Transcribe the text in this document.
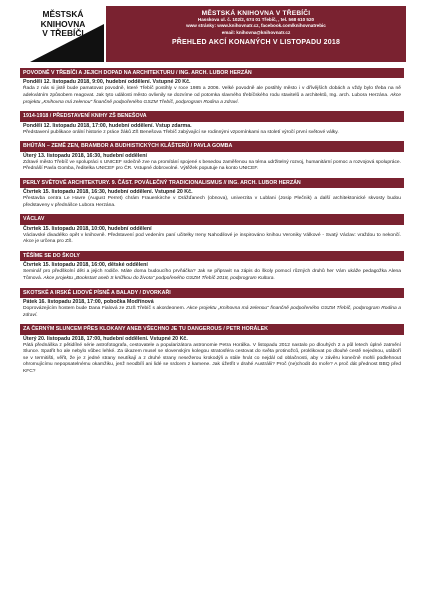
MĚSTSKÁ
KNIHOVNA
V TŘEBÍČI
MĚSTSKÁ KNIHOVNA V TŘEBÍČI
Hasskova ul. č. 102/2, 674 01 Třebíč, , tel. 568 610 520
www stránky: www.knihovnatr.cz, facebook.com/knihovnatrebic
email: knihovna@knihovnatr.cz
PŘEHLED AKCÍ KONANÝCH V LISTOPADU 2018
POVODNĚ V TŘEBÍČI A JEJICH DOPAD NA ARCHITEKTURU / ING. ARCH. LUBOR HERZÁN
Pondělí 12. listopadu 2018, 9:00, hudební oddělení. Vstupné 20 Kč.
Řada z nás si jistě bude pamatovat povodně, které Třebíč postihly v roce 1985 a 2006. Velké povodně ale postihly město i v dřívějších dobách a vždy bylo třeba na ně adekvátním způsobem reagovat. Jak tyto události město ovlivnily se dozvíme od potomka slavného třebíčského rodu stavitelů a architektů, Ing. arch. Lubora Herzána. Akce projektu „Knihovna má zelenou" finančně podpořeného GSZM Třebíč, podprogram Rodina a zdraví.
1914-1918 / PŘEDSTAVENÍ KNIHY ZŠ BENEŠOVA
Pondělí 12. listopadu 2018, 17:00, hudební oddělení. Vstup zdarma.
Představení publikace orální historie z práce žáků ZŠ Benešova Třebíč zabývající se rodinnými vzpomínkami na století výročí první světové války.
BHÚTÁN – ZEMĚ ZEN, BRAMBOR A BUDHISTICKÝCH KLÁŠTERŮ / PAVLA GOMBA
Úterý 13. listopadu 2018, 16:30, hudební oddělení
Zdravé město Třebíč ve spolupráci s UNICEF srdečně zve na promítání spojené s besedou zaměřenou na téma udržitelný rozvoj, humanitární pomoc a rozvojová spolupráce. Přednáší Pavla Gomba, ředitelka UNICEF pro ČR. Vstupné dobrovolné. Výtěžek poputuje na konto UNICEF.
PERLY SVĚTOVÉ ARCHITEKTURY. 9. ČÁST. POVÁLEČNÝ TRADICIONALISMUS // ING. ARCH. LUBOR HERZÁN
Čtvrtek 15. listopadu 2018, 16:30, hudební oddělení. Vstupné 20 Kč.
Přestavba centra Le Havre (August Perret) chrám Frauenkirche v Drážďanech (obnova), univerzita v Lublani (Josip Plečnik) a další architektonické skvosty budou představeny v přednášce Lubora Herzána.
VÁCLAV
Čtvrtek 15. listopadu 2018, 10:00, hudební oddělení
Václavské divadélko opět v knihovně. Představení pod vedením paní učitelky Ireny Nahodilové je inspirováno knihou Veroniky Válkové - Svatý Václav: vraždou to nekončí. Akce je určena pro ZŠ.
TĚŠÍME SE DO ŠKOLY
Čtvrtek 15. listopadu 2018, 16:00, dětské oddělení
Seminář pro předškolní děti a jejich rodiče. Máte doma budoucího prvňáčka? Jak se připravit na zápis do školy pomocí různých druhů her Vám ukáže pedagožka Alena Tůmová. Akce projektu „Bookstart aneb S knížkou do života" podpořeného GSZM Třebíč 2018, podprogram Kultura.
SKOTSKÉ A IRSKÉ LIDOVÉ PÍSNĚ A BALADY / DVORKAŘI
Pátek 16. listopadu 2018, 17:00, pobočka Modřínová
Doprovázejícím hostem bude Dana Fialová ze ZUŠ Třebíč s akordeonem. Akce projektu „Knihovna má zelenou" finančně podpořeného GSZM Třebíč, podprogram Rodina a zdraví.
ZA ČERNÝM SLUNCEM PŘES KLOKANY ANEB VŠECHNO JE TU DANGEROUS / PETR HORÁLEK
Úterý 20. listopadu 2018, 17:00, hudební oddělení. Vstupné 20 Kč.
Pátá přednáška z pětidílné série astrofotografa, cestovatele a popularizátora astronomie Petra Horálka. V listopadu 2012 nastalo po dlouhých 2 a půl letech úplné zatmění Slunce. Spatřit ho ale nebylo vůbec lehké. Za úkazem musel se slovenským kolegou stratosféra cestovat do světa protinožců, proklikovat po dlouhé cestě nejednou, utáboří se v termitišti, věřit, že je z jedné strany neutíkají a z druhé strany nesežerou krokodýli a stále hnát co nejdál od oblačnosti, aby v závěru konečně mohli podlehnout ohromujícímu nepopsatelnému okamžiku, jenž neodbílí ani lidé se srdcem z kamene. Jak úžetřit v drahé Austrálii? Proč (ne)chodit do moře? A proč dát přednost BBQ před KFC?
